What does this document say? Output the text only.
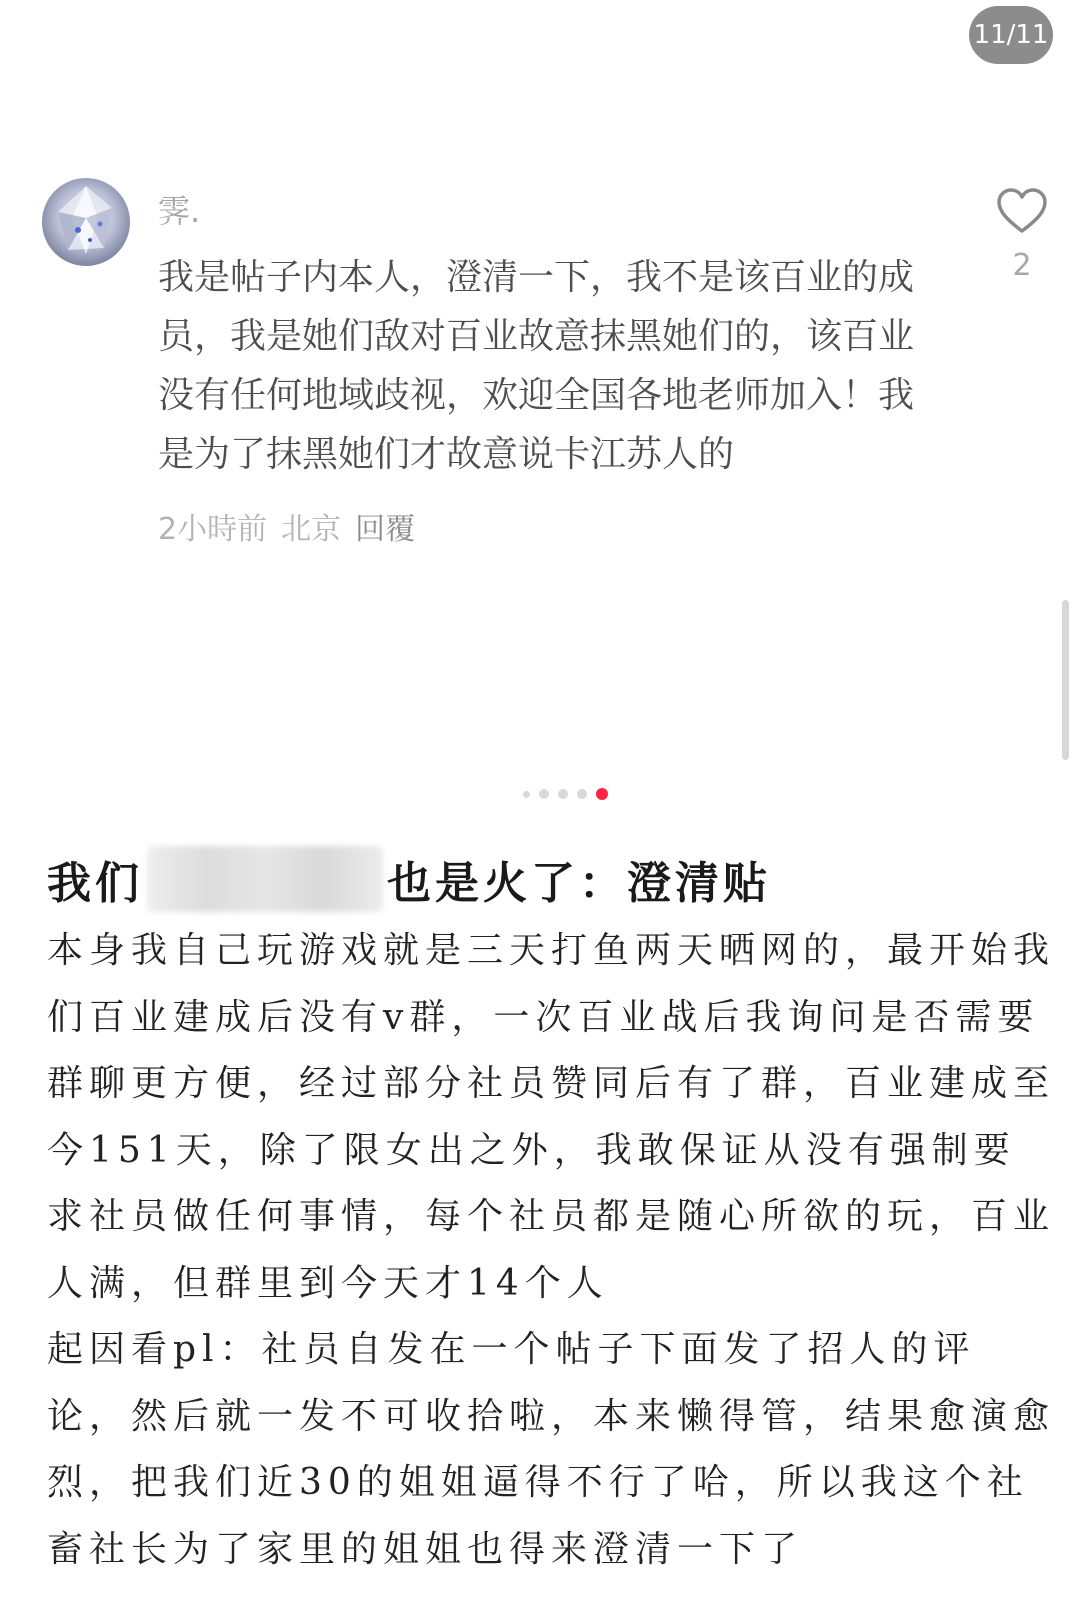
11/11
霁.
我是帖子内本人，澄清一下，我不是该百业的成员，我是她们敌对百业故意抹黑她们的，该百业没有任何地域歧视，欢迎全国各地老师加入！我是为了抹黑她们才故意说卡江苏人的
2小時前 北京 回覆
2
我们	也是火了：澄清贴

本身我自己玩游戏就是三天打鱼两天晒网的，最开始我们百业建成后没有v群，一次百业战后我询问是否需要群聊更方便，经过部分社员赞同后有了群，百业建成至今151天，除了限女出之外，我敢保证从没有强制要求社员做任何事情，每个社员都是随心所欲的玩，百业人满，但群里到今天才14个人

起因看pl：社员自发在一个帖子下面发了招人的评论，然后就一发不可收拾啦，本来懒得管，结果愈演愈烈，把我们近30的姐姐逼得不行了哈，所以我这个社畜社长为了家里的姐姐也得来澄清一下了
